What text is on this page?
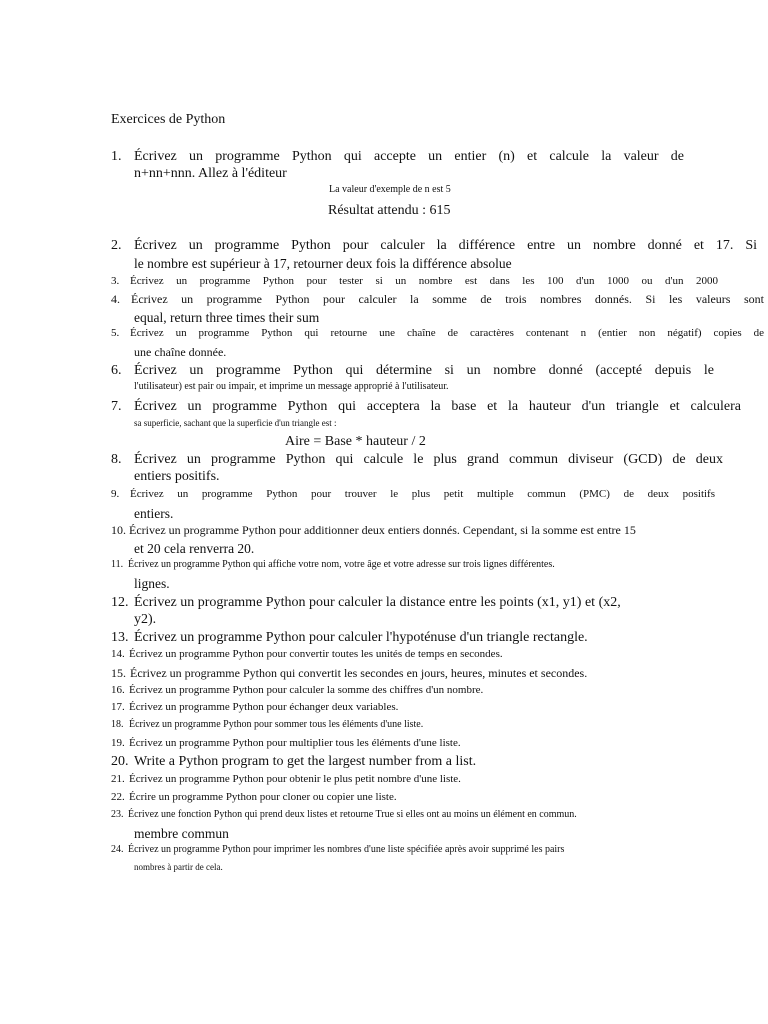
Exercices de Python
1. Écrivez un programme Python qui accepte un entier (n) et calcule la valeur de
n+nn+nnn. Allez à l'éditeur
La valeur d'exemple de n est 5
Résultat attendu : 615
2. Écrivez un programme Python pour calculer la différence entre un nombre donné et 17. Si
le nombre est supérieur à 17, retourner deux fois la différence absolue
3. Écrivez un programme Python pour tester si un nombre est dans les 100 d'un 1000 ou d'un 2000
4. Écrivez un programme Python pour calculer la somme de trois nombres donnés. Si les valeurs sont
equal, return three times their sum
5. Écrivez un programme Python qui retourne une chaîne de caractères contenant n (entier non négatif) copies de
une chaîne donnée.
6. Écrivez un programme Python qui détermine si un nombre donné (accepté depuis le
l'utilisateur) est pair ou impair, et imprime un message approprié à l'utilisateur.
7. Écrivez un programme Python qui acceptera la base et la hauteur d'un triangle et calculera
sa superficie, sachant que la superficie d'un triangle est :
Aire = Base * hauteur / 2
8. Écrivez un programme Python qui calcule le plus grand commun diviseur (GCD) de deux
entiers positifs.
9. Écrivez un programme Python pour trouver le plus petit multiple commun (PMC) de deux positifs
entiers.
10. Écrivez un programme Python pour additionner deux entiers donnés. Cependant, si la somme est entre 15
et 20 cela renverra 20.
11. Écrivez un programme Python qui affiche votre nom, votre âge et votre adresse sur trois lignes différentes.
lignes.
12. Écrivez un programme Python pour calculer la distance entre les points (x1, y1) et (x2,
y2).
13. Écrivez un programme Python pour calculer l'hypoténuse d'un triangle rectangle.
14. Écrivez un programme Python pour convertir toutes les unités de temps en secondes.
15. Écrivez un programme Python qui convertit les secondes en jours, heures, minutes et secondes.
16. Écrivez un programme Python pour calculer la somme des chiffres d'un nombre.
17. Écrivez un programme Python pour échanger deux variables.
18. Écrivez un programme Python pour sommer tous les éléments d'une liste.
19. Écrivez un programme Python pour multiplier tous les éléments d'une liste.
20. Write a Python program to get the largest number from a list.
21. Écrivez un programme Python pour obtenir le plus petit nombre d'une liste.
22. Écrire un programme Python pour cloner ou copier une liste.
23. Écrivez une fonction Python qui prend deux listes et retourne True si elles ont au moins un élément en commun.
membre commun
24. Écrivez un programme Python pour imprimer les nombres d'une liste spécifiée après avoir supprimé les pairs
nombres à partir de cela.
